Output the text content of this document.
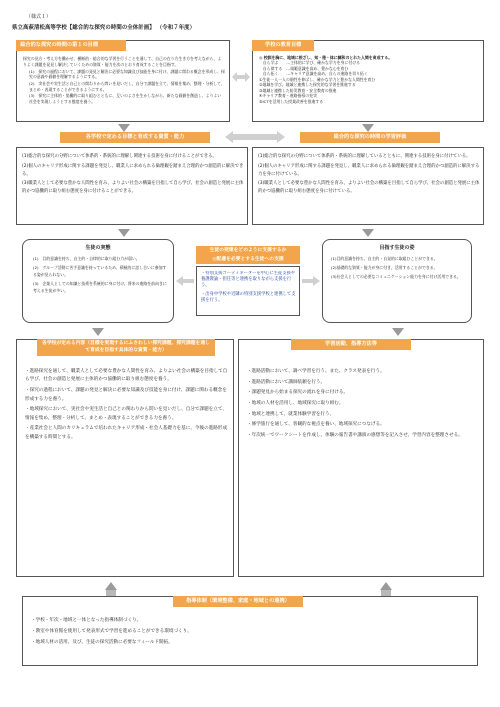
（様式１）
県立高萩清松高等学校【総合的な探究の時間の全体計画】 （令和７年度）
総合的な探究の時間の第１の目標
探究の見方・考え方を働かせ、横断的・総合的な学習を行うことを通して、自己の在り方生き方を考えながら、よりよく課題を発見し解決していくための資質・能力を次のとおり育成することを目指す。
(1)　探究の過程において、課題の発見と解決に必要な知識及び技能を身に付け、課題に関わる概念を形成し、探究の意義や価値を理解するようにする。
(2)　実社会や実生活と自己との関わりから問いを見いだし、自分で課題を立て、情報を集め、整理・分析して、まとめ・表現することができるようにする。
(3)　探究に主体的・協働的に取り組むとともに、互いのよさを生かしながら、新たな価値を創造し、よりよい社会を実現しようとする態度を養う。
学校の教育目標
◎ 校訓を胸に、地域に根ざし、知・徳・体に調和のとれた人間を育成する。
　自ら学ぶ　　…主体的に学び、確かな学力を身に付ける
　自ら律する　…規範意識を高め、豊かな心を育む
　自ら拓く　　…キャリア意識を高め、自らの進路を切り拓く
①生徒一人一人の個性を伸ばし、確かな学力と豊かな人間性を育む
②地域を学び、地域と連携した探究的な学習を推進する
③地域と連携した防災教育・安全教育の推進
④キャリア教育・進路指導の充実
⑤ICTを活用した授業改善を推進する
各学校で定める目標と育成する資質・能力	総合的な探究の時間の学習評価
(1)総合的な探究の分野について体系的・系統的に理解し関連する技術を身に付けることができる。
(2)個人のキャリア形成に関する課題を発見し、職業人に求められる倫理観を踏まえ合理的かつ創造的に解決できる。
(3)職業人として必要な豊かな人間性を育み、よりよい社会の構築を目指して自ら学び、社会の創造と発展に主体的かつ協働的に取り組む態度を身に付けることができる。
(1)総合的な探究の分野について体系的・系統的に理解しているとともに、関連する技術を身に付けている。
(2)個人のキャリア形成に関する課題を発見し、職業人に求められる倫理観を踏まえ合理的かつ創造的に解決する力を身に付けている。
(3)職業人として必要な豊かな人間性を育み、よりよい社会の構築を目指して自ら学び、社会の創造と発展に主体的かつ協働的に取り組む態度を身に付けている。
生徒の実態
(1)　目的意識を持ち、自主的・自律的に取り組む力が弱い。
(2)　グループ活動に苦手意識を持っているため、積極的に話し合いに参加する姿が見られない。
(3)　企業人としての知識と技術を系統的に身に付け、将来の進路を前向きに考える生徒が多い。
生徒の発達をどのように支援するか
◎配慮を必要とする生徒への支援
・特別支援コーディネーターを中心に生徒支援や養護教諭・担任等と連携を取りながら支援を行う。
・出身中学校や近隣の特別支援学校と連携して支援を行う。
目指す生徒の姿
(1)目的意識を持ち、自主的・自発的に取組むことができる。
(2)基礎的な資質・能力が身に付き、活用することができる。
(3)社会人としての必要なコミュニケーション能力を身に付け活用できる。
各学校が定める内容（目標を実現するにふさわしい探究課題、探究課題を通して育成を目指す具体的な資質・能力）
・進路探究を通して、職業人として必要な豊かな人間性を育み、よりよい社会の構築を目指して自ら学び、社会の創造と発展に主体的かつ協働的に取り組む態度を養う。
・探究の過程において、課題の発見と解決に必要な知識及び技能を身に付け、課題に関わる概念を形成する力を養う。
・地域探究において、実社会や実生活と自己との関わりから問いを見いだし、自分で課題を立て、情報を集め、整理・分析して、まとめ・表現することができる力を養う。
・産業社会と人間のカリキュラムで培われたキャリア形成・社会人基礎力を基に、今後の進路形成を構築する時間とする。
学習活動、指導方法等
・進路活動において、調べ学習を行う。また、クラス発表を行う。
・進路活動において講師依頼を行う。
・課題発見から始まる探究の流れを身に付ける。
・地域の人材を活用し、地域探究に取り組む。
・地域と連携して、就業体験学習を行う。
・修学旅行を通して、客観的な視点を養い、地域探究につなげる。
・年次統一でワークシートを作成し、体験の報告書や講演の感想等を記入させ、学習内容を整理させる。
指導体制（環境整備、家庭・地域との連携）
・学校・年次・地域と一体となった指導体制づくり。
・教室や体育館を使用して発表形式で学習を進めることができる環境づくり。
・地域人材の活用、及び、生徒の探究活動に必要なフィールド開拓。
